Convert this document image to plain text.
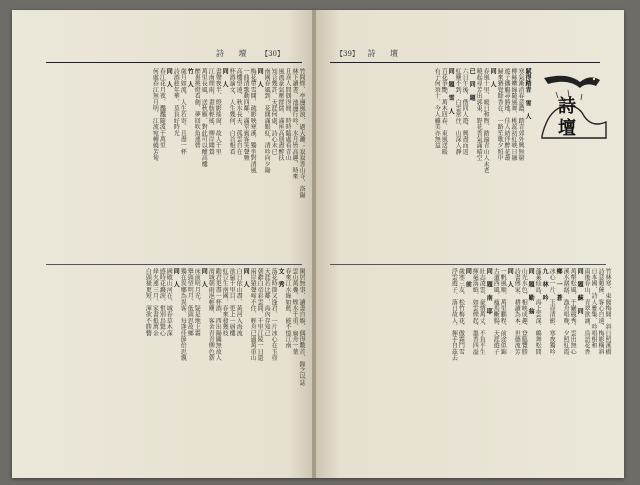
詩 壇 【30】
竹間煙、亭邊風浪、過大灘；寂寂香山寺、洛陽
林下讀書、池邊行吟、水月皆高趣、時來
且喜人間偶得閒、時時隨處看青山
風流豪氣壓群儒、滿座高朋盡醉扶
知音幾許、天涯何處、詩心未已
南國春風到、花開滿眼紅、清吟向夕陽
同 人
梅花帶雪開、疏影映寒溪、獨坐對清風
一曲清歌動四鄰、滿堂賓客笑聲頻
高樓望遠、秋水長天、孤雲自在
杯酒論文、人生幾何、白首相看
同 人
書聲夜半、燈影搖窗、故人千里
江南煙雨、畫舫輕搖、柳岸聞鶯
萬里長風、送秋雁、對此可以酣高樓
醉裏挑燈看劍、夢回吹角連營
竹 人
歲月如流、人生若寄、且盡一杯
詩酒趁年華、莫負好時光
同 人
春江花月夜、灩灩隨波千萬里
何處春江無月明、江流宛轉繞芳甸
閑居無事、讀書自娛、偶得數首、錄之以誌
雲山萬疊、煙水千重、扁舟一葉
春來江水綠如藍、能不憶江南
文 秀
落花時節又逢君、一片冰心在玉壺
天涯若比鄰、海內存知己
朝辭白帝彩雲間、千里江陵一日還
兩岸猿聲啼不住、輕舟已過萬重山
同 人
白日依山盡、黃河入海流
欲窮千里目、更上一層樓
紅豆生南國、春來發幾枝
勸君更盡一杯酒、西出陽關無故人
渭城朝雨浥輕塵、客舍青青柳色新
同 人
床前明月光、疑是地上霜
舉頭望明月、低頭思故鄉
獨在異鄉為異客、每逢佳節倍思親
同 人
國破山河在、城春草木深
感時花濺淚、恨別鳥驚心
烽火連三月、家書抵萬金
白頭搔更短、渾欲不勝簪
【39】 詩 壇
賦得踏青 雪 人
寒氣漸消春意濃、踏青郊外興無窮
柳絲嫩綠隨風舞、桃蕊初紅映日融
遊子攜觴尋勝地、佳人結伴醉花叢
歸來猶覺餘香在、一路笙歌夕照中
同 人
春風十里、暖日和煦、踏遍青山人未老
曉起尋芳出郭東、野花香氣滿晴空
已 同 題
六日午後、偕同人遊、興盡而返
紅塵不到、白雲常住、山深人靜
同 題 雪 人
百花爭艷、萬木回春、東風送暖
有子何須十、今人雖美亦無益	詩壇
竹林寒、東閣梅開、斜日照溪橋
詩意頻催、客心自遠、梅影橫斜
日本國、詩人雅集、吟唱相和
雨後春山、青翠欲滴、鳥語花香
同 題 蘇 同
萬壑松風、千巖競秀、雲出無心
溪水潺潺、漁舟唱晚、夕照紅霞
鄉 一 蒼
冰心一片、玉壺清影、寒夜獨吟
九 林 吟
蓬萊仙島、海上雲深、鶴舞松間
同 題 勤 翁
山光水色、相映成趣、登臨覽勝
詩書傳家、耕讀為本、世德流芳
同 人
一帆風順、萬里鵬程、前途似錦
古道西風、瘦馬斷腸、天涯遊子
同 題 南 耶
壯志凌雲、豪情萬丈、不負平生
揮毫落紙、如雲煙起、墨香四溢
同 前
歲寒三友、松竹梅花、傲霜鬥雪
浮雲遊子、落日故人、揮手自茲去
